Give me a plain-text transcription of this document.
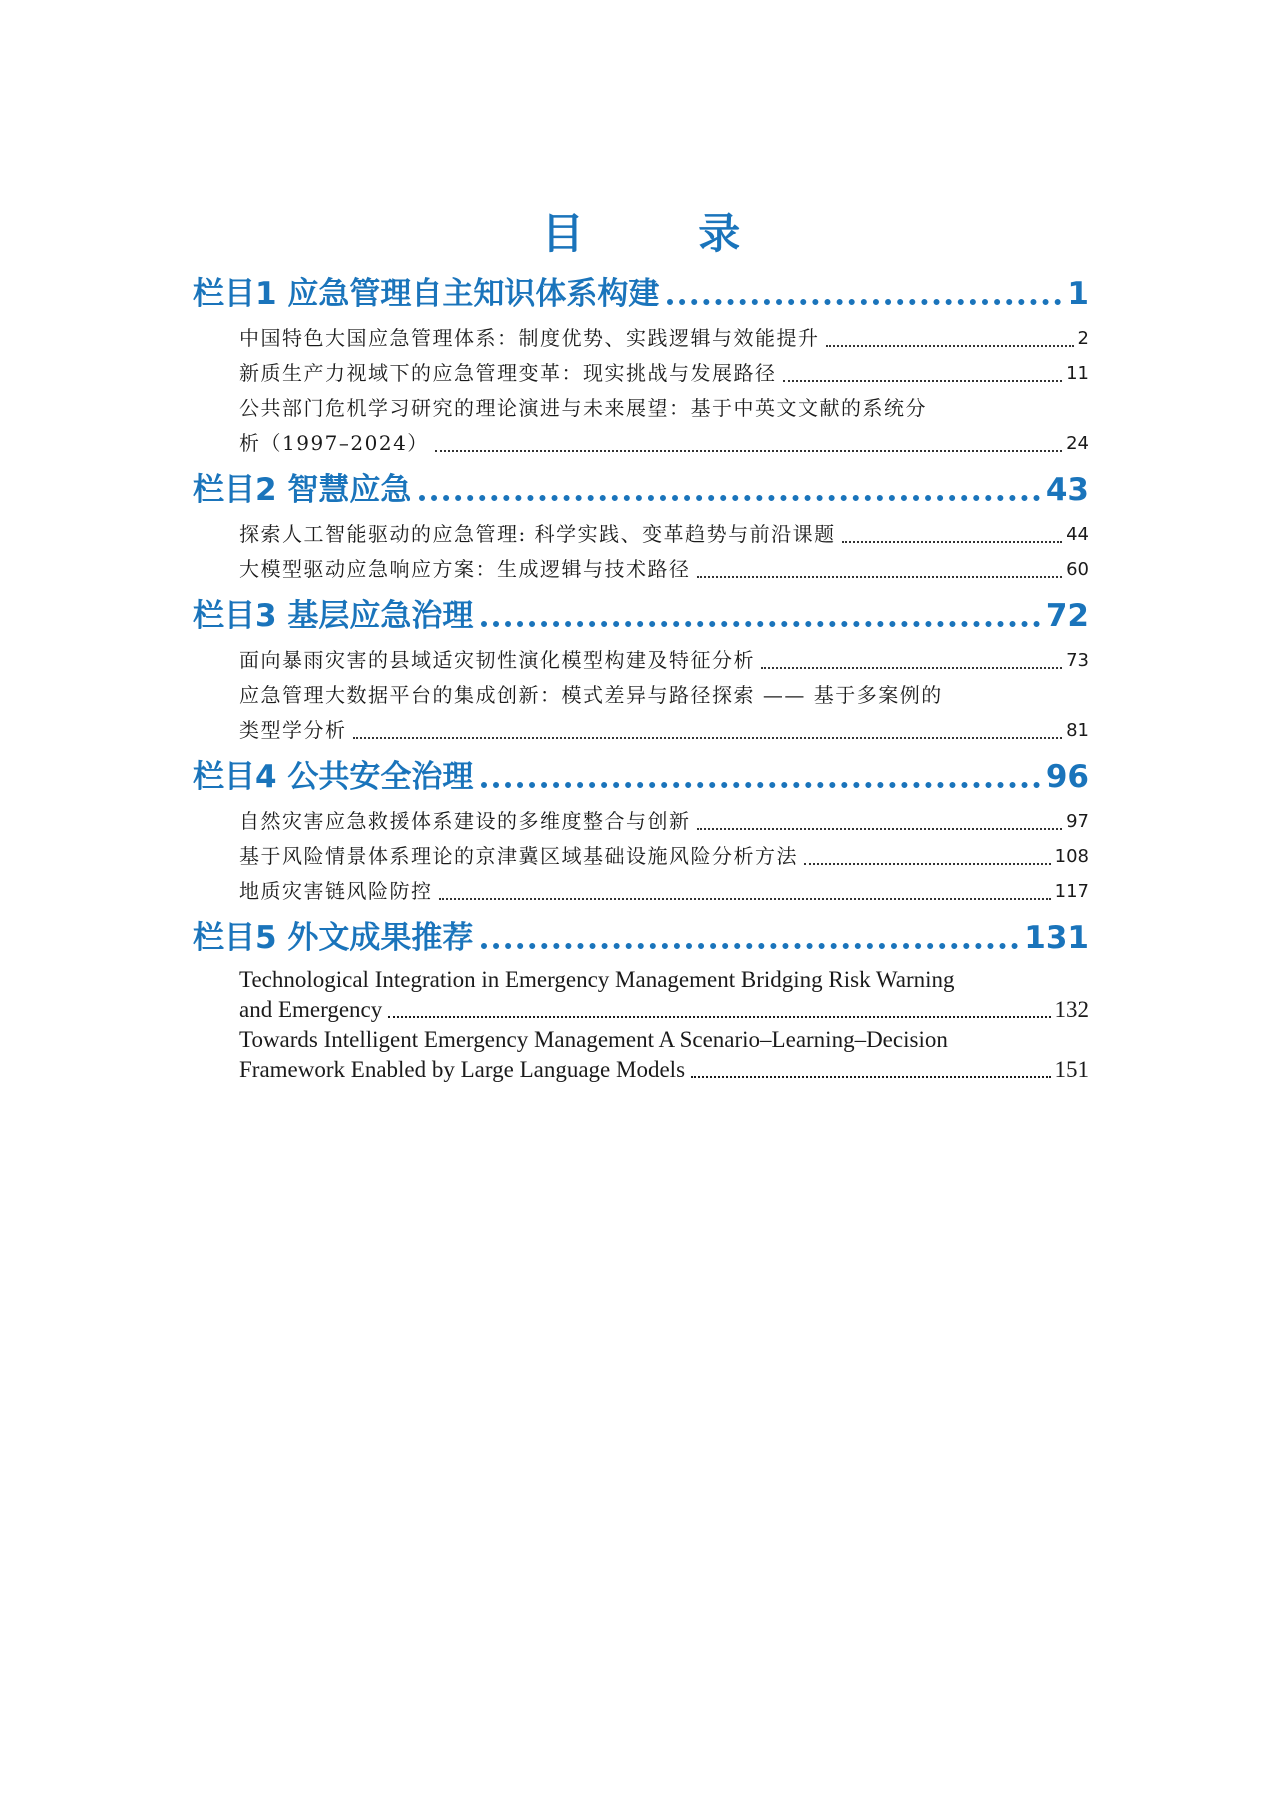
目 录
栏目1 应急管理自主知识体系构建	1
中国特色大国应急管理体系：制度优势、实践逻辑与效能提升	2
新质生产力视域下的应急管理变革：现实挑战与发展路径	11
公共部门危机学习研究的理论演进与未来展望：基于中英文文献的系统分
析（1997–2024）	24
栏目2 智慧应急	43
探索人工智能驱动的应急管理: 科学实践、变革趋势与前沿课题	44
大模型驱动应急响应方案：生成逻辑与技术路径	60
栏目3 基层应急治理	72
面向暴雨灾害的县域适灾韧性演化模型构建及特征分析	73
应急管理大数据平台的集成创新：模式差异与路径探索 —— 基于多案例的
类型学分析	81
栏目4 公共安全治理	96
自然灾害应急救援体系建设的多维度整合与创新	97
基于风险情景体系理论的京津冀区域基础设施风险分析方法	108
地质灾害链风险防控	117
栏目5 外文成果推荐	131
Technological Integration in Emergency Management Bridging Risk Warning
and Emergency	132
Towards Intelligent Emergency Management A Scenario–Learning–Decision
Framework Enabled by Large Language Models	151
